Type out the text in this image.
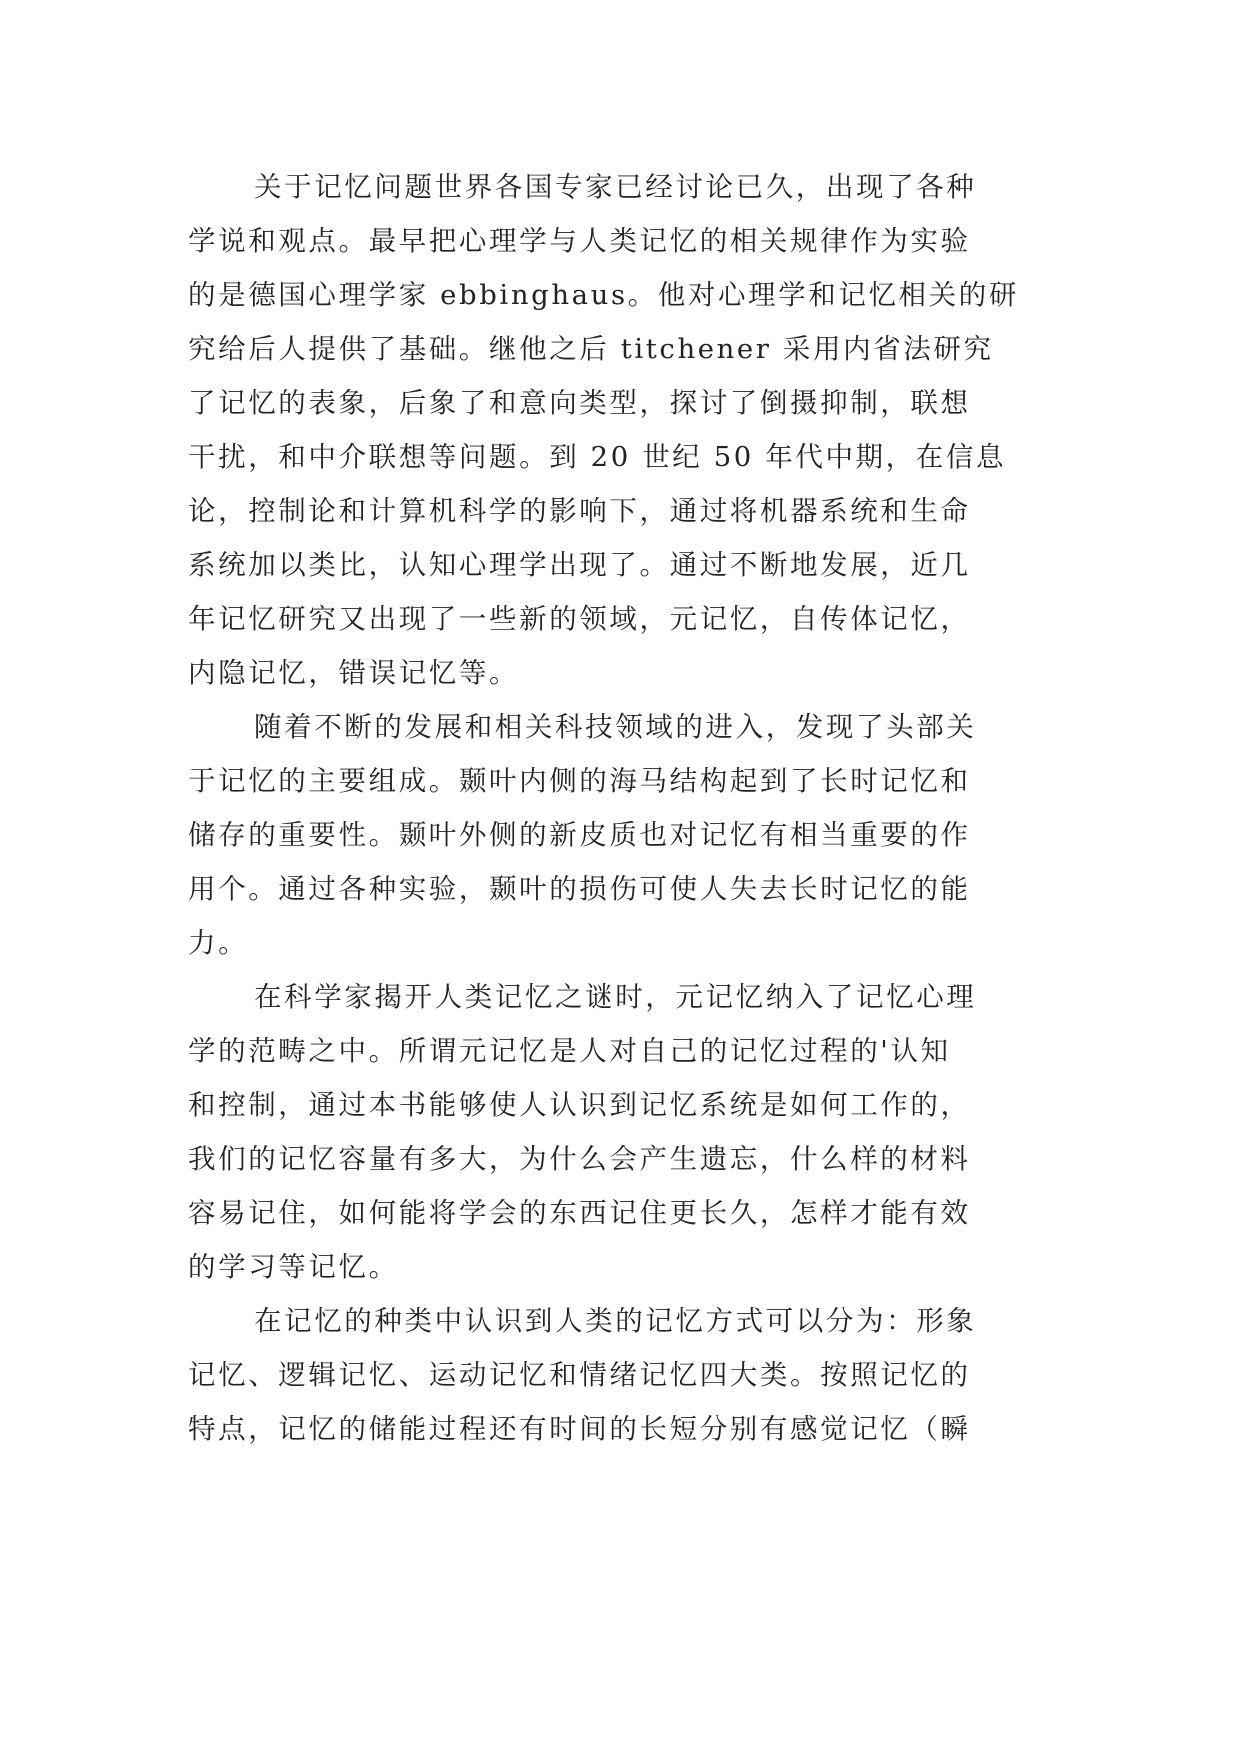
关于记忆问题世界各国专家已经讨论已久，出现了各种
学说和观点。最早把心理学与人类记忆的相关规律作为实验
的是德国心理学家 ebbinghaus。他对心理学和记忆相关的研
究给后人提供了基础。继他之后 titchener 采用内省法研究
了记忆的表象，后象了和意向类型，探讨了倒摄抑制，联想
干扰，和中介联想等问题。到 20 世纪 50 年代中期，在信息
论，控制论和计算机科学的影响下，通过将机器系统和生命
系统加以类比，认知心理学出现了。通过不断地发展，近几
年记忆研究又出现了一些新的领域，元记忆，自传体记忆，
内隐记忆，错误记忆等。
随着不断的发展和相关科技领域的进入，发现了头部关
于记忆的主要组成。颞叶内侧的海马结构起到了长时记忆和
储存的重要性。颞叶外侧的新皮质也对记忆有相当重要的作
用个。通过各种实验，颞叶的损伤可使人失去长时记忆的能
力。
在科学家揭开人类记忆之谜时，元记忆纳入了记忆心理
学的范畴之中。所谓元记忆是人对自己的记忆过程的'认知
和控制，通过本书能够使人认识到记忆系统是如何工作的，
我们的记忆容量有多大，为什么会产生遗忘，什么样的材料
容易记住，如何能将学会的东西记住更长久，怎样才能有效
的学习等记忆。
在记忆的种类中认识到人类的记忆方式可以分为：形象
记忆、逻辑记忆、运动记忆和情绪记忆四大类。按照记忆的
特点，记忆的储能过程还有时间的长短分别有感觉记忆（瞬
